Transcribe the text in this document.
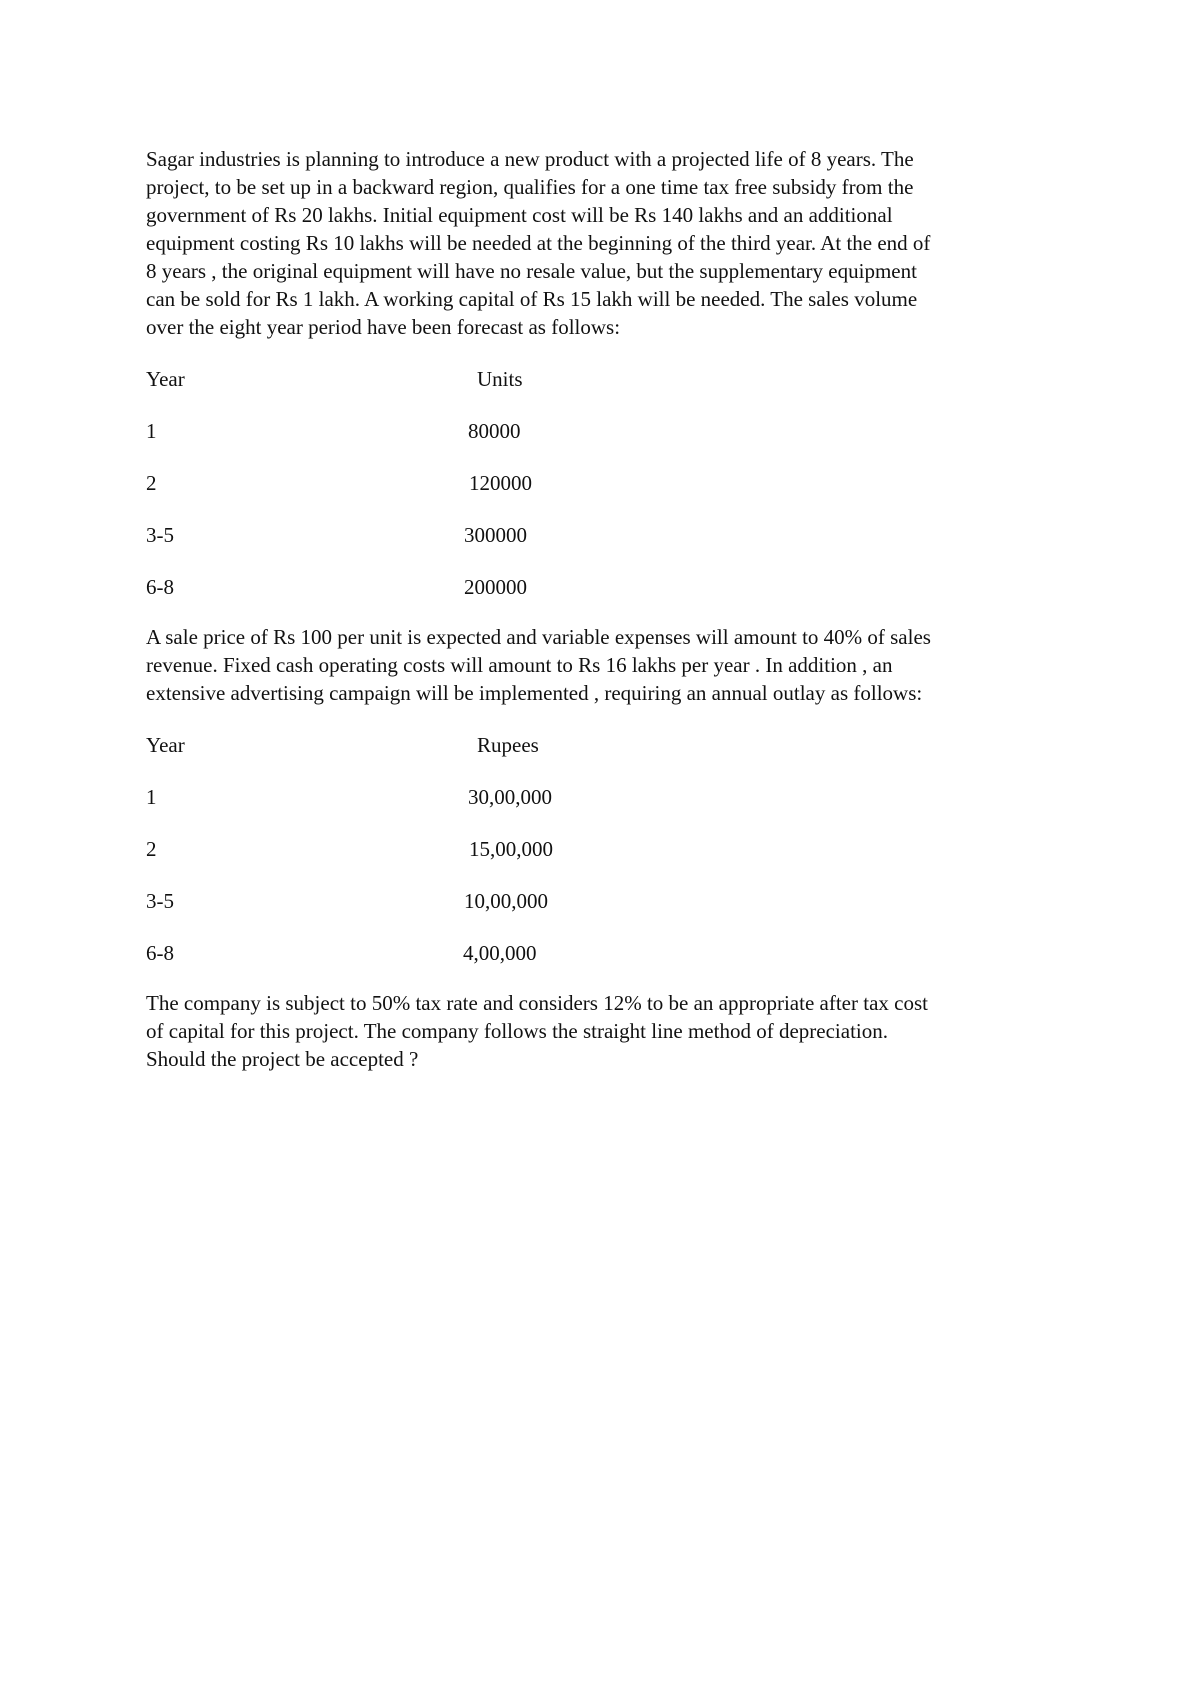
Sagar industries is planning to introduce a new product with a projected life of 8 years. The
project, to be set up in a backward region, qualifies for a one time tax free subsidy from the
government of Rs 20 lakhs. Initial equipment cost will be Rs 140 lakhs and an additional
equipment costing Rs 10 lakhs will be needed at the beginning of the third year. At the end of
8 years , the original equipment will have no resale value, but the supplementary equipment
can be sold for Rs 1 lakh. A working capital of Rs 15 lakh will be needed. The sales volume
over the eight year period have been forecast as follows:

Year	Units
1	80000
2	120000
3-5	300000
6-8	200000

A sale price of Rs 100 per unit is expected and variable expenses will amount to 40% of sales
revenue. Fixed cash operating costs will amount to Rs 16 lakhs per year . In addition , an
extensive advertising campaign will be implemented , requiring an annual outlay as follows:

Year	Rupees
1	30,00,000
2	15,00,000
3-5	10,00,000
6-8	4,00,000

The company is subject to 50% tax rate and considers 12% to be an appropriate after tax cost
of capital for this project. The company follows the straight line method of depreciation.
Should the project be accepted ?
